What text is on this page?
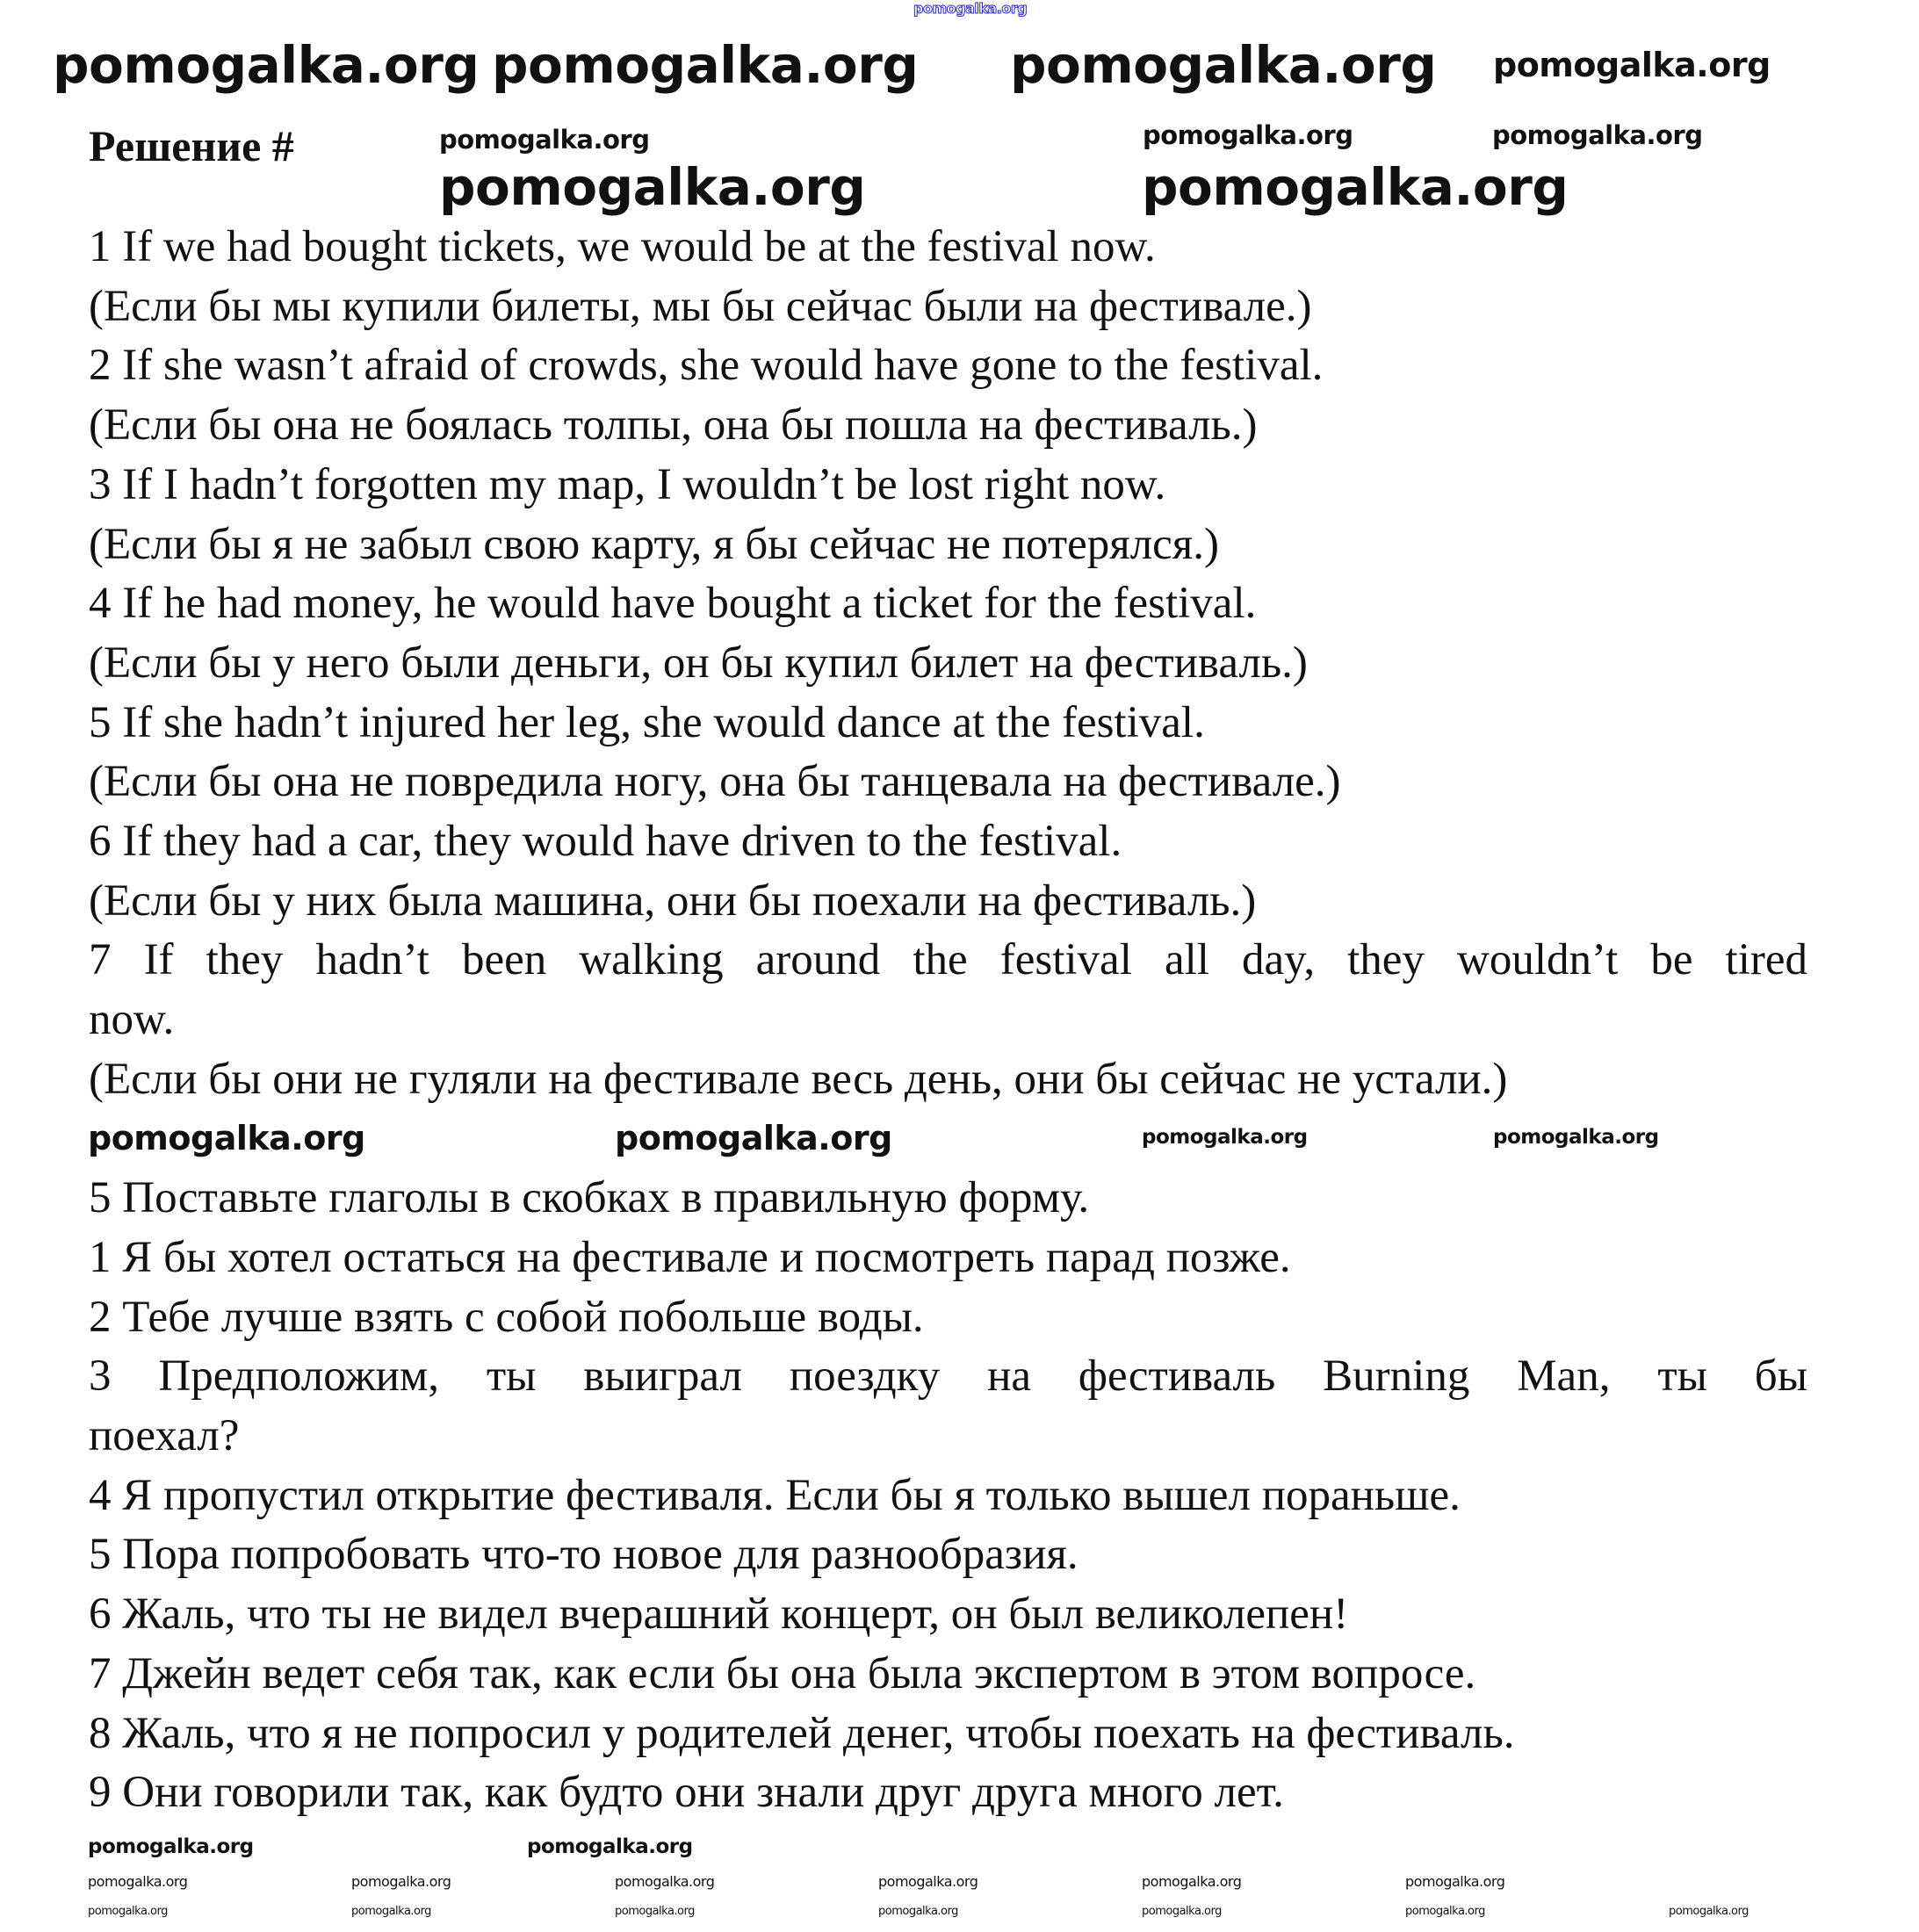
Решение #
1 If we had bought tickets, we would be at the festival now.
(Если бы мы купили билеты, мы бы сейчас были на фестивале.)
2 If she wasn’t afraid of crowds, she would have gone to the festival.
(Если бы она не боялась толпы, она бы пошла на фестиваль.)
3 If I hadn’t forgotten my map, I wouldn’t be lost right now.
(Если бы я не забыл свою карту, я бы сейчас не потерялся.)
4 If he had money, he would have bought a ticket for the festival.
(Если бы у него были деньги, он бы купил билет на фестиваль.)
5 If she hadn’t injured her leg, she would dance at the festival.
(Если бы она не повредила ногу, она бы танцевала на фестивале.)
6 If they had a car, they would have driven to the festival.
(Если бы у них была машина, они бы поехали на фестиваль.)
7 If they hadn’t been walking around the festival all day, they wouldn’t be tired
now.
(Если бы они не гуляли на фестивале весь день, они бы сейчас не устали.)
5 Поставьте глаголы в скобках в правильную форму.
1 Я бы хотел остаться на фестивале и посмотреть парад позже.
2 Тебе лучше взять с собой побольше воды.
3 Предположим, ты выиграл поездку на фестиваль Burning Man, ты бы
поехал?
4 Я пропустил открытие фестиваля. Если бы я только вышел пораньше.
5 Пора попробовать что-то новое для разнообразия.
6 Жаль, что ты не видел вчерашний концерт, он был великолепен!
7 Джейн ведет себя так, как если бы она была экспертом в этом вопросе.
8 Жаль, что я не попросил у родителей денег, чтобы поехать на фестиваль.
9 Они говорили так, как будто они знали друг друга много лет.
pomogalka.org
pomogalka.org pomogalka.org pomogalka.org pomogalka.org
pomogalka.org	pomogalka.org	pomogalka.org
pomogalka.org	pomogalka.org
pomogalka.org	pomogalka.org	pomogalka.org	pomogalka.org
pomogalka.org	pomogalka.org
pomogalka.org	pomogalka.org	pomogalka.org	pomogalka.org	pomogalka.org	pomogalka.org
pomogalka.org	pomogalka.org	pomogalka.org	pomogalka.org	pomogalka.org	pomogalka.org	pomogalka.org
